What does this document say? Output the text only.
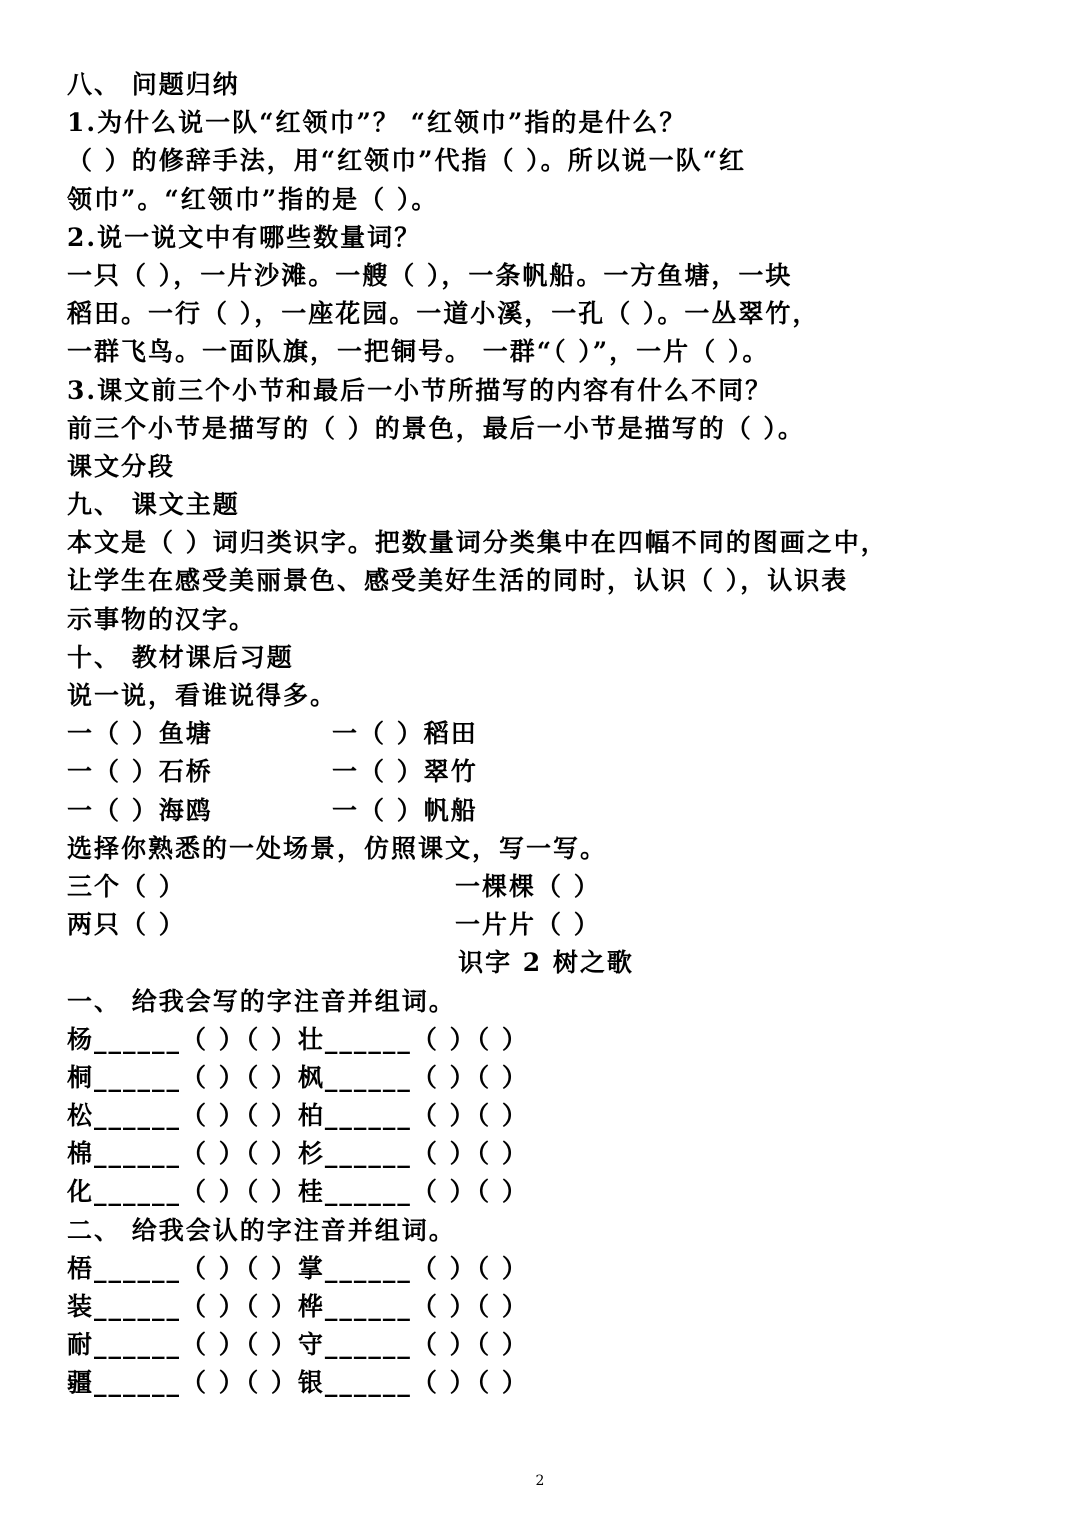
八、 问题归纳
1.为什么说一队“红领巾”？ “红领巾”指的是什么？
（ ）的修辞手法，用“红领巾”代指（ ）。所以说一队“红
领巾”。“红领巾”指的是（ ）。
2.说一说文中有哪些数量词？
一只（ ），一片沙滩。一艘（ ），一条帆船。一方鱼塘，一块
稻田。一行（ ），一座花园。一道小溪，一孔（ ）。一丛翠竹，
一群飞鸟。一面队旗，一把铜号。 一群“（ ）”，一片（ ）。
3.课文前三个小节和最后一小节所描写的内容有什么不同？
前三个小节是描写的（ ）的景色，最后一小节是描写的（ ）。
课文分段
九、 课文主题
本文是（ ）词归类识字。把数量词分类集中在四幅不同的图画之中，
让学生在感受美丽景色、感受美好生活的同时，认识（ ），认识表
示事物的汉字。
十、 教材课后习题
说一说，看谁说得多。
一（ ）鱼塘	一（ ）稻田
一（ ）石桥	一（ ）翠竹
一（ ）海鸥	一（ ）帆船
选择你熟悉的一处场景，仿照课文，写一写。
三个（ ）	一棵棵（ ）
两只（ ）	一片片（ ）
识字 2 树之歌
一、 给我会写的字注音并组词。
杨______（ ）（ ）壮______（ ）（ ）
桐______（ ）（ ）枫______（ ）（ ）
松______（ ）（ ）柏______（ ）（ ）
棉______（ ）（ ）杉______（ ）（ ）
化______（ ）（ ）桂______（ ）（ ）
二、 给我会认的字注音并组词。
梧______（ ）（ ）掌______（ ）（ ）
装______（ ）（ ）桦______（ ）（ ）
耐______（ ）（ ）守______（ ）（ ）
疆______（ ）（ ）银______（ ）（ ）
2
